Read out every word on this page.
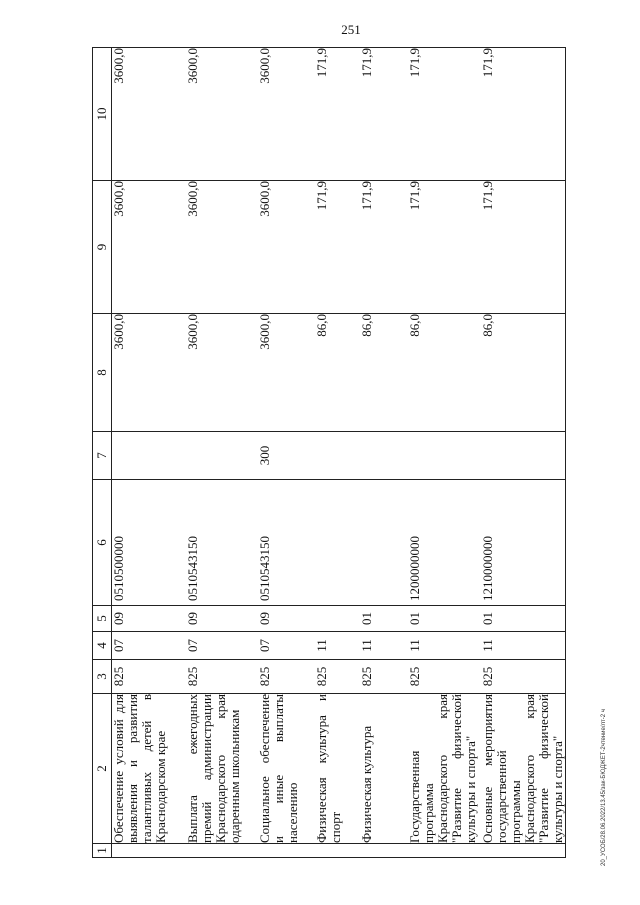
251
1	2	3	4	5	6	7	8	9	10
	Обеспечение условий для выявления и развития талантливых детей в Краснодарском крае	825	07	09	0510500000		3600,0	3600,0	3600,0
	Выплата ежегодных премий администрации Краснодарского края одаренным школьникам	825	07	09	0510543150		3600,0	3600,0	3600,0
	Социальное обеспечение и иные выплаты населению	825	07	09	0510543150	300	3600,0	3600,0	3600,0
	Физическая культура и спорт	825	11				86,0	171,9	171,9
	Физическая культура	825	11	01			86,0	171,9	171,9
	Государственная программа Краснодарского края "Развитие физической культуры и спорта"	825	11	01	1200000000		86,0	171,9	171,9
	Основные мероприятия государственной программы Краснодарского края "Развитие физической культуры и спорта"	825	11	01	1210000000		86,0	171,9	171,9
20_УСОБ/28.06.2022/13.45/зак-БЮДЖЕТ-2чтение/лт-2 ч
